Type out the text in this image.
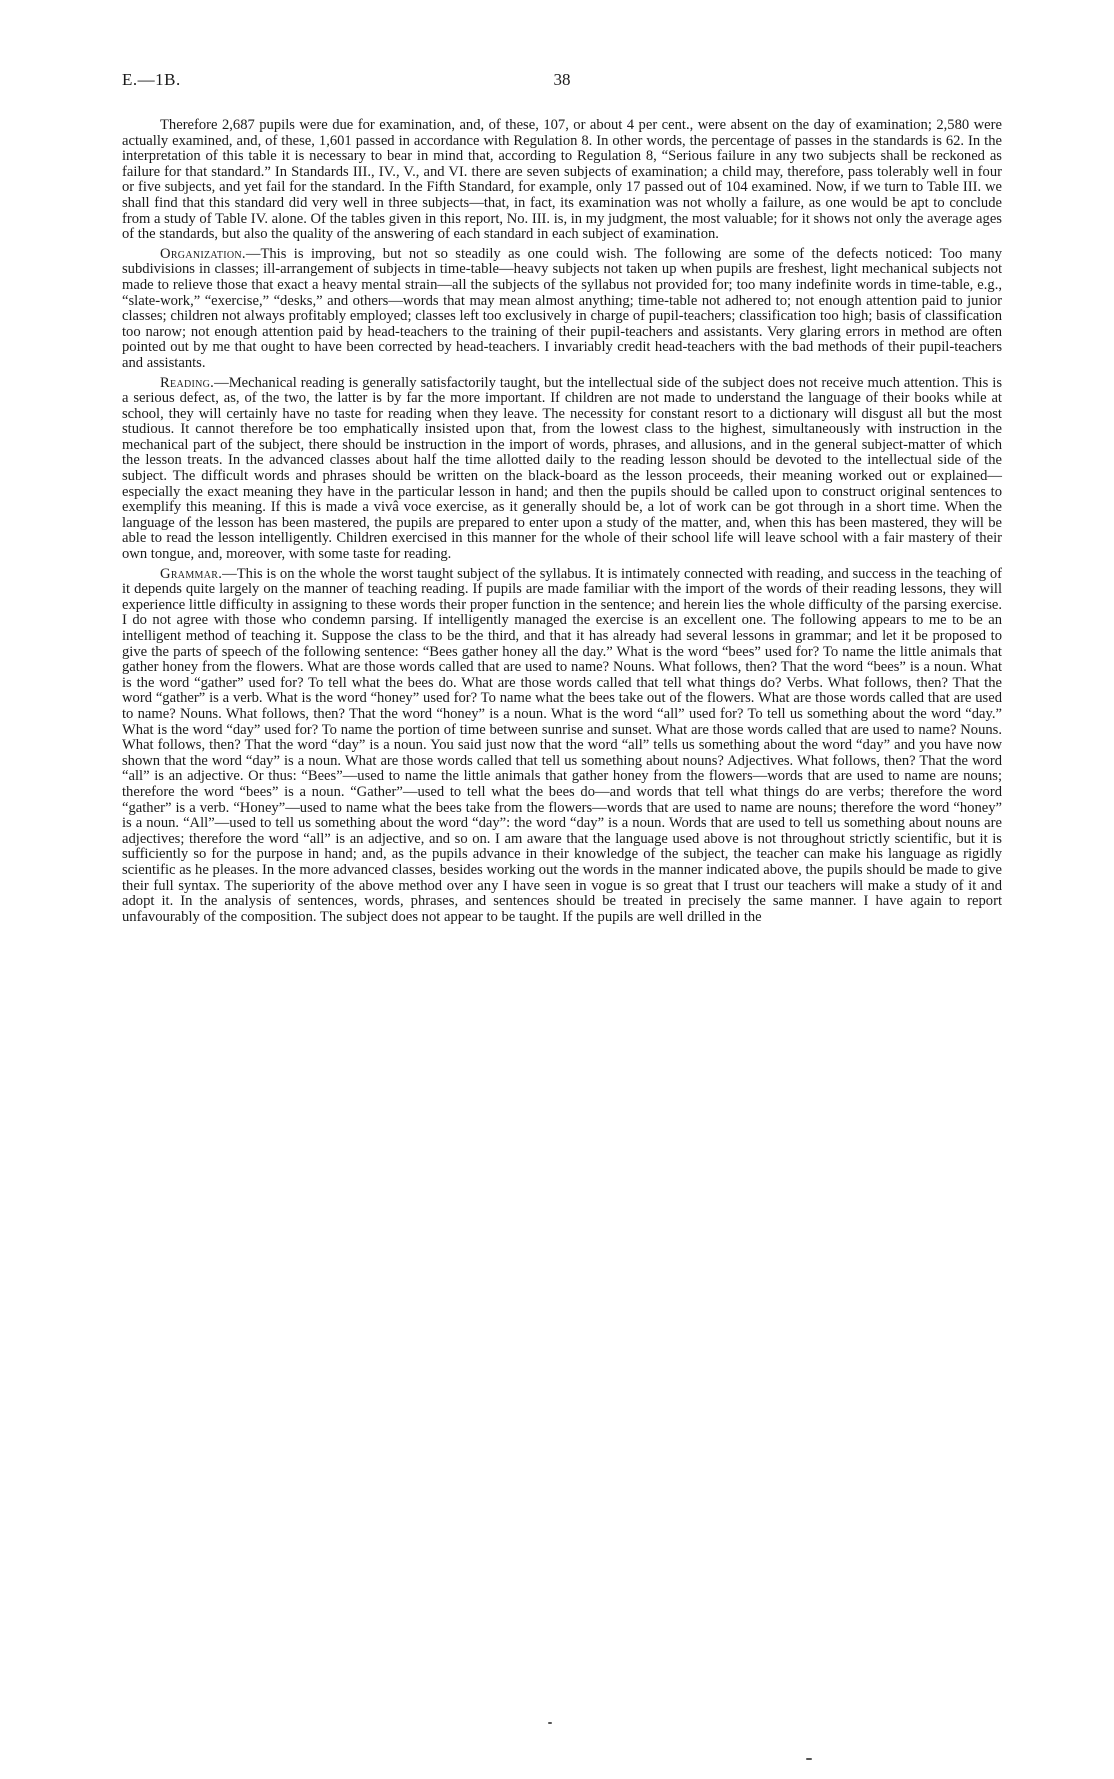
E.—1B.	38

Therefore 2,687 pupils were due for examination, and, of these, 107, or about 4 per cent., were absent on the day of examination; 2,580 were actually examined, and, of these, 1,601 passed in accordance with Regulation 8. In other words, the percentage of passes in the standards is 62. In the interpretation of this table it is necessary to bear in mind that, according to Regulation 8, “Serious failure in any two subjects shall be reckoned as failure for that standard.” In Standards III., IV., V., and VI. there are seven subjects of examination; a child may, therefore, pass tolerably well in four or five subjects, and yet fail for the standard. In the Fifth Standard, for example, only 17 passed out of 104 examined. Now, if we turn to Table III. we shall find that this standard did very well in three subjects—that, in fact, its examination was not wholly a failure, as one would be apt to conclude from a study of Table IV. alone. Of the tables given in this report, No. III. is, in my judgment, the most valuable; for it shows not only the average ages of the standards, but also the quality of the answering of each standard in each subject of examination.

Organization.—This is improving, but not so steadily as one could wish. The following are some of the defects noticed: Too many subdivisions in classes; ill-arrangement of subjects in time-table—heavy subjects not taken up when pupils are freshest, light mechanical subjects not made to relieve those that exact a heavy mental strain—all the subjects of the syllabus not provided for; too many indefinite words in time-table, e.g., “slate-work,” “exercise,” “desks,” and others—words that may mean almost anything; time-table not adhered to; not enough attention paid to junior classes; children not always profitably employed; classes left too exclusively in charge of pupil-teachers; classification too high; basis of classification too narow; not enough attention paid by head-teachers to the training of their pupil-teachers and assistants. Very glaring errors in method are often pointed out by me that ought to have been corrected by head-teachers. I invariably credit head-teachers with the bad methods of their pupil-teachers and assistants.

Reading.—Mechanical reading is generally satisfactorily taught, but the intellectual side of the subject does not receive much attention. This is a serious defect, as, of the two, the latter is by far the more important. If children are not made to understand the language of their books while at school, they will certainly have no taste for reading when they leave. The necessity for constant resort to a dictionary will disgust all but the most studious. It cannot therefore be too emphatically insisted upon that, from the lowest class to the highest, simultaneously with instruction in the mechanical part of the subject, there should be instruction in the import of words, phrases, and allusions, and in the general subject-matter of which the lesson treats. In the advanced classes about half the time allotted daily to the reading lesson should be devoted to the intellectual side of the subject. The difficult words and phrases should be written on the black-board as the lesson proceeds, their meaning worked out or explained—especially the exact meaning they have in the particular lesson in hand; and then the pupils should be called upon to construct original sentences to exemplify this meaning. If this is made a vivâ voce exercise, as it generally should be, a lot of work can be got through in a short time. When the language of the lesson has been mastered, the pupils are prepared to enter upon a study of the matter, and, when this has been mastered, they will be able to read the lesson intelligently. Children exercised in this manner for the whole of their school life will leave school with a fair mastery of their own tongue, and, moreover, with some taste for reading.

Grammar.—This is on the whole the worst taught subject of the syllabus. It is intimately connected with reading, and success in the teaching of it depends quite largely on the manner of teaching reading. If pupils are made familiar with the import of the words of their reading lessons, they will experience little difficulty in assigning to these words their proper function in the sentence; and herein lies the whole difficulty of the parsing exercise. I do not agree with those who condemn parsing. If intelligently managed the exercise is an excellent one. The following appears to me to be an intelligent method of teaching it. Suppose the class to be the third, and that it has already had several lessons in grammar; and let it be proposed to give the parts of speech of the following sentence: “Bees gather honey all the day.” What is the word “bees” used for? To name the little animals that gather honey from the flowers. What are those words called that are used to name? Nouns. What follows, then? That the word “bees” is a noun. What is the word “gather” used for? To tell what the bees do. What are those words called that tell what things do? Verbs. What follows, then? That the word “gather” is a verb. What is the word “honey” used for? To name what the bees take out of the flowers. What are those words called that are used to name? Nouns. What follows, then? That the word “honey” is a noun. What is the word “all” used for? To tell us something about the word “day.” What is the word “day” used for? To name the portion of time between sunrise and sunset. What are those words called that are used to name? Nouns. What follows, then? That the word “day” is a noun. You said just now that the word “all” tells us something about the word “day” and you have now shown that the word “day” is a noun. What are those words called that tell us something about nouns? Adjectives. What follows, then? That the word “all” is an adjective. Or thus: “Bees”—used to name the little animals that gather honey from the flowers—words that are used to name are nouns; therefore the word “bees” is a noun. “Gather”—used to tell what the bees do—and words that tell what things do are verbs; therefore the word “gather” is a verb. “Honey”—used to name what the bees take from the flowers—words that are used to name are nouns; therefore the word “honey” is a noun. “All”—used to tell us something about the word “day”: the word “day” is a noun. Words that are used to tell us something about nouns are adjectives; therefore the word “all” is an adjective, and so on. I am aware that the language used above is not throughout strictly scientific, but it is sufficiently so for the purpose in hand; and, as the pupils advance in their knowledge of the subject, the teacher can make his language as rigidly scientific as he pleases. In the more advanced classes, besides working out the words in the manner indicated above, the pupils should be made to give their full syntax. The superiority of the above method over any I have seen in vogue is so great that I trust our teachers will make a study of it and adopt it. In the analysis of sentences, words, phrases, and sentences should be treated in precisely the same manner. I have again to report unfavourably of the composition. The subject does not appear to be taught. If the pupils are well drilled in the
